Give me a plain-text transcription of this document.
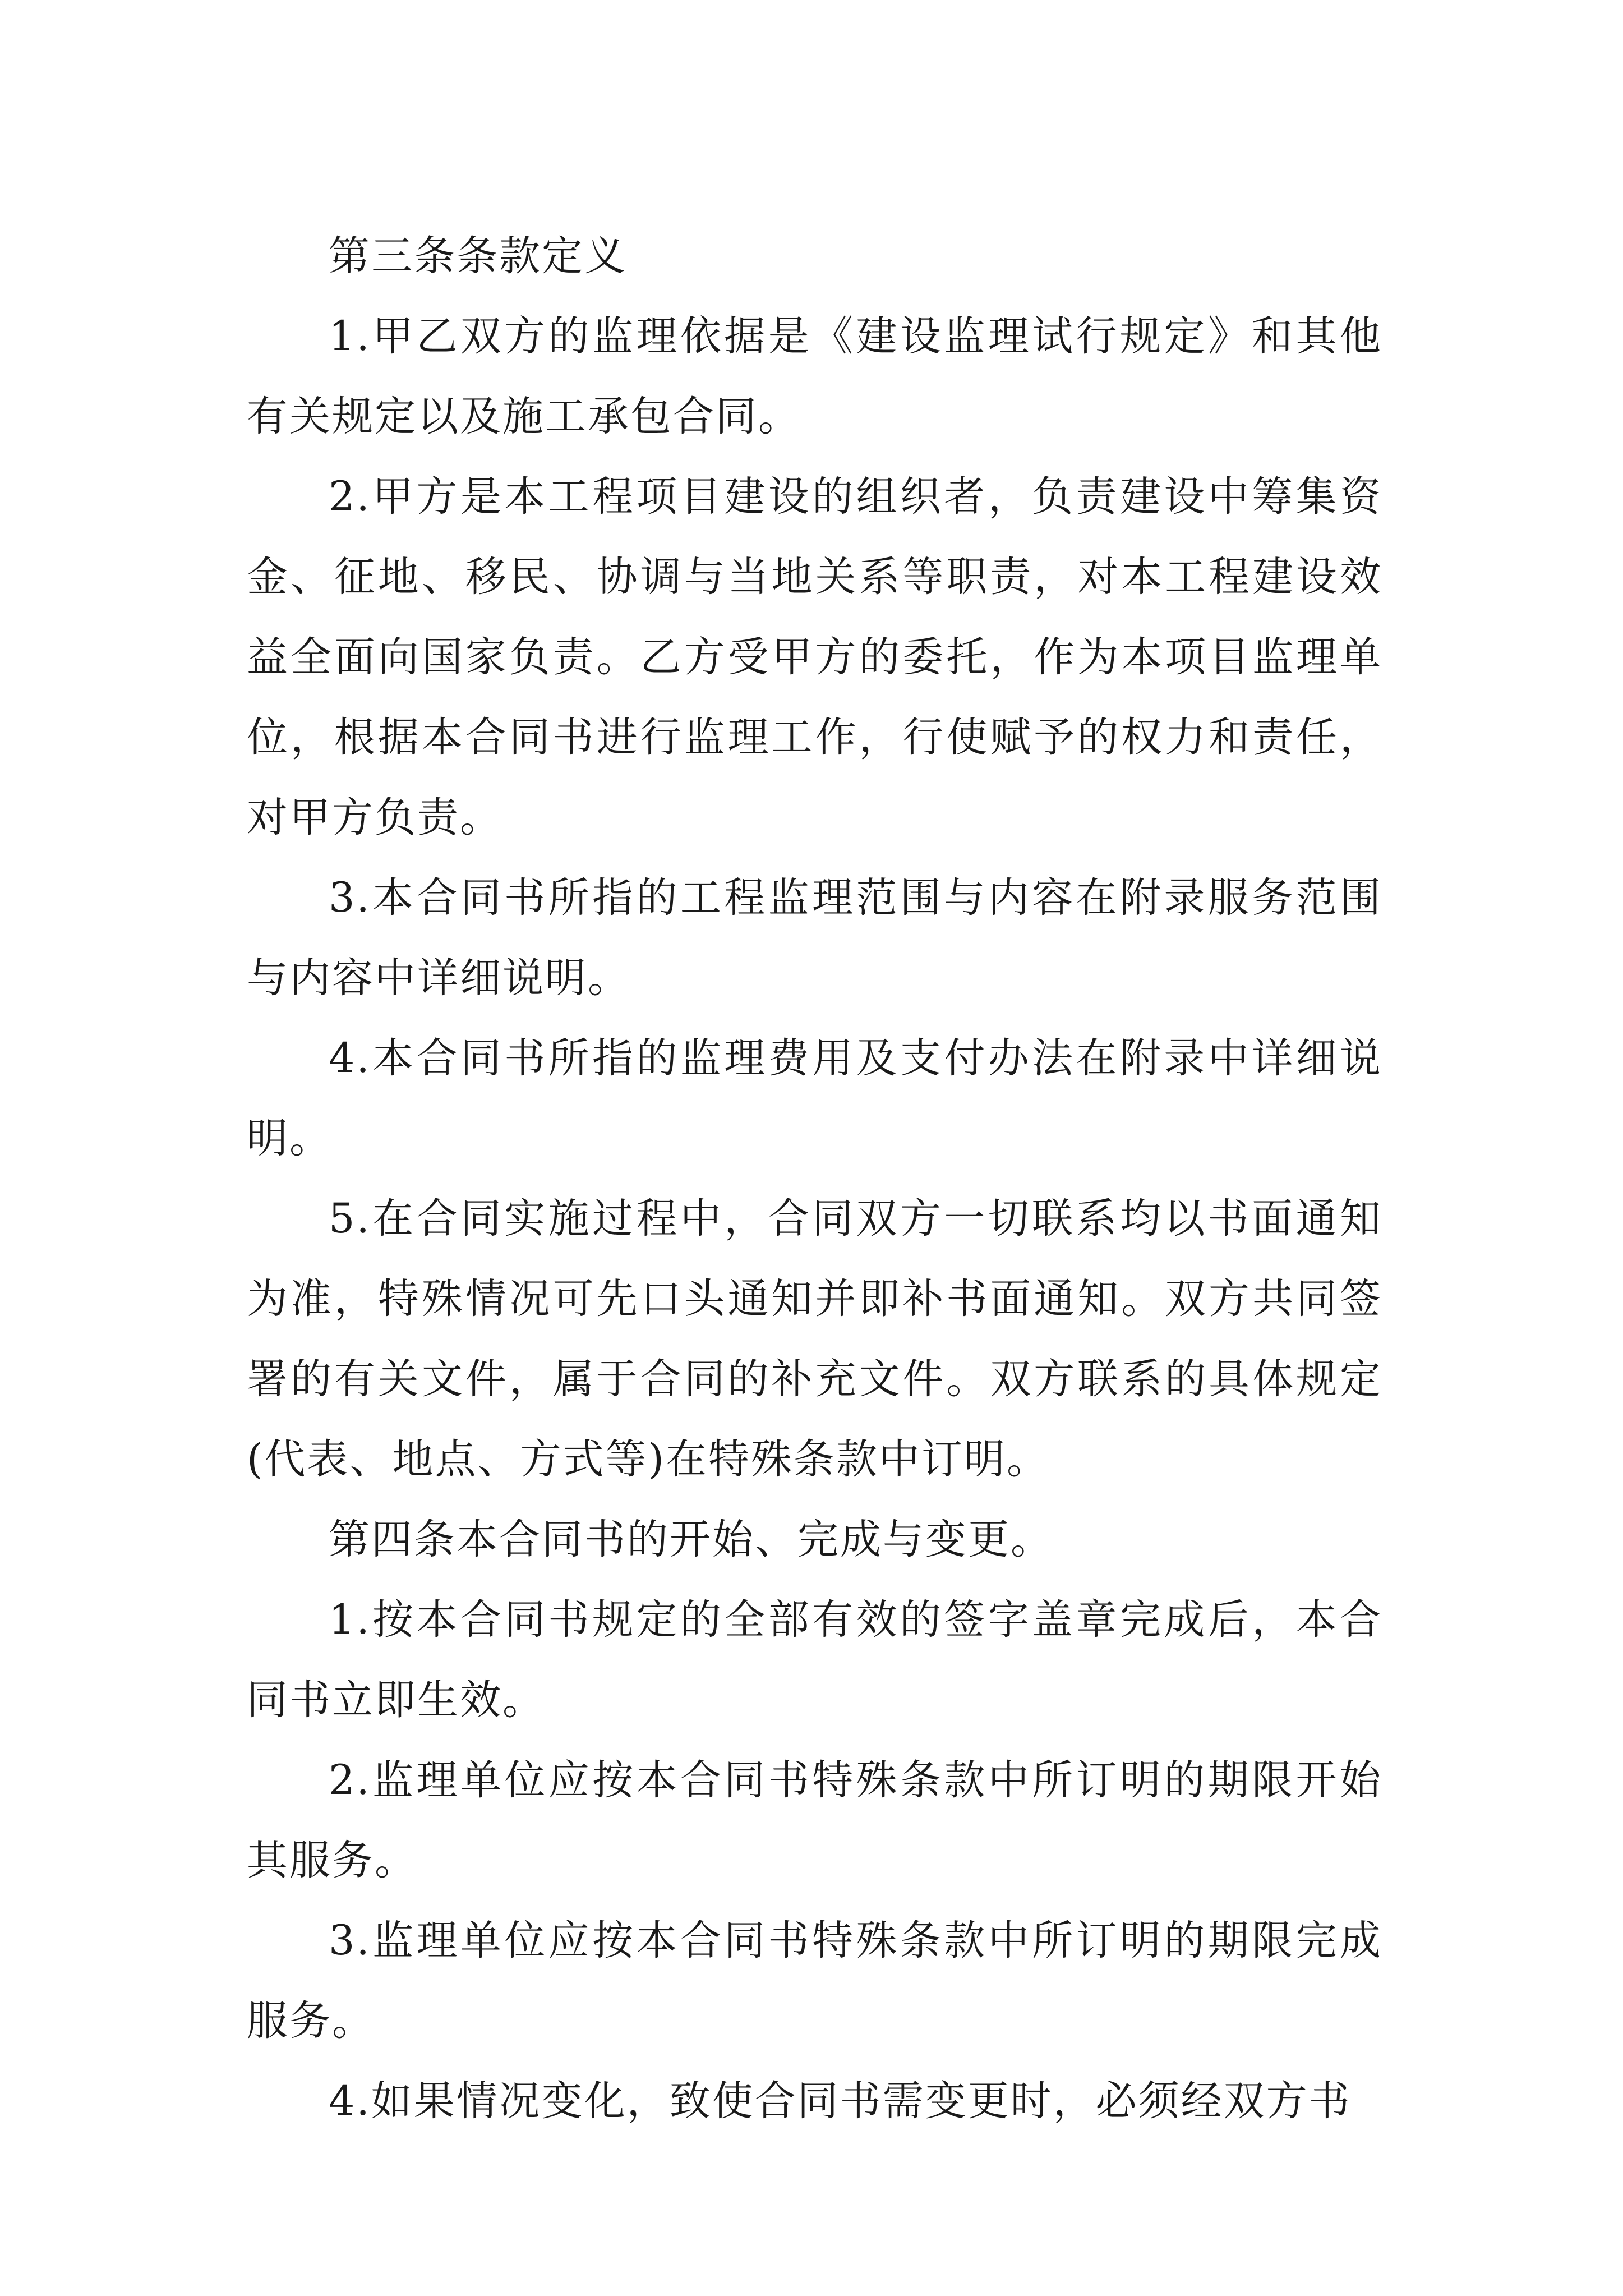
第三条条款定义

1.甲乙双方的监理依据是《建设监理试行规定》和其他有关规定以及施工承包合同。

2.甲方是本工程项目建设的组织者，负责建设中筹集资金、征地、移民、协调与当地关系等职责，对本工程建设效益全面向国家负责。乙方受甲方的委托，作为本项目监理单位，根据本合同书进行监理工作，行使赋予的权力和责任，对甲方负责。

3.本合同书所指的工程监理范围与内容在附录服务范围与内容中详细说明。

4.本合同书所指的监理费用及支付办法在附录中详细说明。

5.在合同实施过程中，合同双方一切联系均以书面通知为准，特殊情况可先口头通知并即补书面通知。双方共同签署的有关文件，属于合同的补充文件。双方联系的具体规定(代表、地点、方式等)在特殊条款中订明。

第四条本合同书的开始、完成与变更。

1.按本合同书规定的全部有效的签字盖章完成后，本合同书立即生效。

2.监理单位应按本合同书特殊条款中所订明的期限开始其服务。

3.监理单位应按本合同书特殊条款中所订明的期限完成服务。

4.如果情况变化，致使合同书需变更时，必须经双方书
